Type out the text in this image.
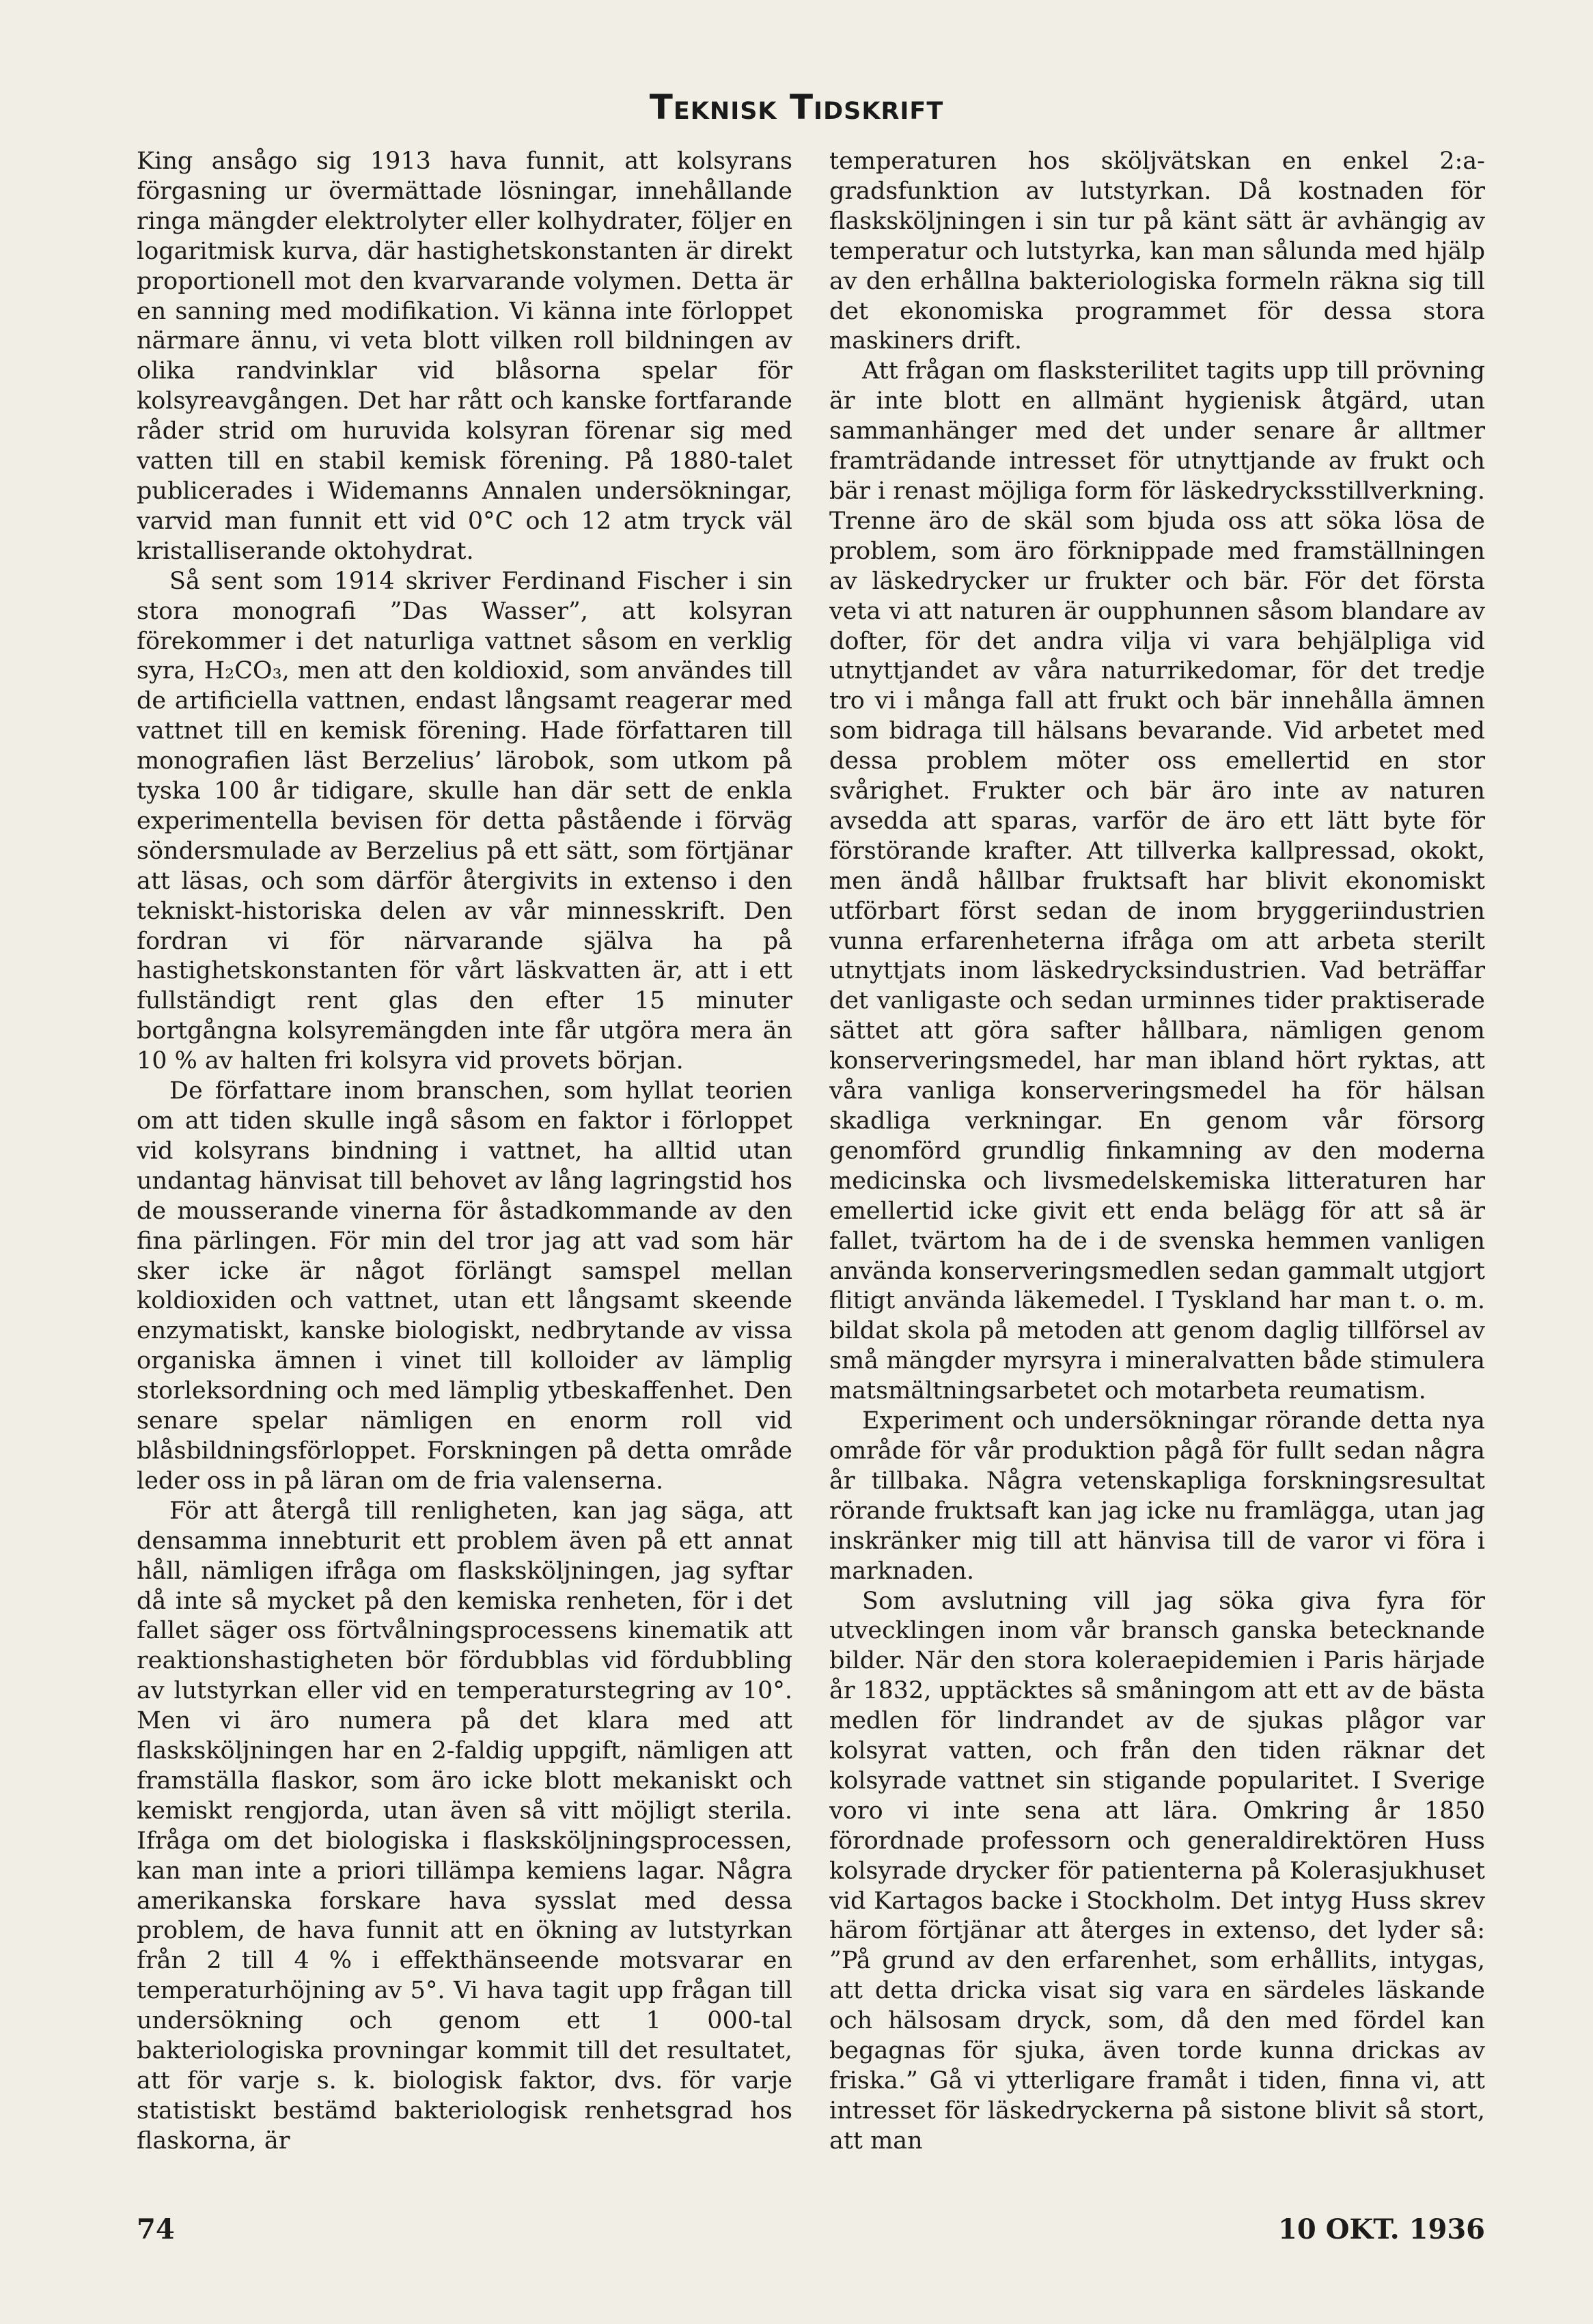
Teknisk Tidskrift

King ansågo sig 1913 hava funnit, att kolsyrans förgasning ur övermättade lösningar, innehållande ringa mängder elektrolyter eller kolhydrater, följer en logaritmisk kurva, där hastighetskonstanten är direkt proportionell mot den kvarvarande volymen. Detta är en sanning med modifikation. Vi känna inte förloppet närmare ännu, vi veta blott vilken roll bildningen av olika randvinklar vid blåsorna spelar för kolsyreavgången. Det har rått och kanske fortfarande råder strid om huruvida kolsyran förenar sig med vatten till en stabil kemisk förening. På 1880-talet publicerades i Widemanns Annalen undersökningar, varvid man funnit ett vid 0°C och 12 atm tryck väl kristalliserande oktohydrat.

Så sent som 1914 skriver Ferdinand Fischer i sin stora monografi ”Das Wasser”, att kolsyran förekommer i det naturliga vattnet såsom en verklig syra, H₂CO₃, men att den koldioxid, som användes till de artificiella vattnen, endast långsamt reagerar med vattnet till en kemisk förening. Hade författaren till monografien läst Berzelius’ lärobok, som utkom på tyska 100 år tidigare, skulle han där sett de enkla experimentella bevisen för detta påstående i förväg söndersmulade av Berzelius på ett sätt, som förtjänar att läsas, och som därför återgivits in extenso i den tekniskt-historiska delen av vår minnesskrift. Den fordran vi för närvarande själva ha på hastighetskonstanten för vårt läskvatten är, att i ett fullständigt rent glas den efter 15 minuter bortgångna kolsyremängden inte får utgöra mera än 10 % av halten fri kolsyra vid provets början.

De författare inom branschen, som hyllat teorien om att tiden skulle ingå såsom en faktor i förloppet vid kolsyrans bindning i vattnet, ha alltid utan undantag hänvisat till behovet av lång lagringstid hos de mousserande vinerna för åstadkommande av den fina pärlingen. För min del tror jag att vad som här sker icke är något förlängt samspel mellan koldioxiden och vattnet, utan ett långsamt skeende enzymatiskt, kanske biologiskt, nedbrytande av vissa organiska ämnen i vinet till kolloider av lämplig storleksordning och med lämplig ytbeskaffenhet. Den senare spelar nämligen en enorm roll vid blåsbildningsförloppet. Forskningen på detta område leder oss in på läran om de fria valenserna.

För att återgå till renligheten, kan jag säga, att densamma innebturit ett problem även på ett annat håll, nämligen ifråga om flasksköljningen, jag syftar då inte så mycket på den kemiska renheten, för i det fallet säger oss förtvålningsprocessens kinematik att reaktionshastigheten bör fördubblas vid fördubbling av lutstyrkan eller vid en temperaturstegring av 10°. Men vi äro numera på det klara med att flasksköljningen har en 2-faldig uppgift, nämligen att framställa flaskor, som äro icke blott mekaniskt och kemiskt rengjorda, utan även så vitt möjligt sterila. Ifråga om det biologiska i flasksköljningsprocessen, kan man inte a priori tillämpa kemiens lagar. Några amerikanska forskare hava sysslat med dessa problem, de hava funnit att en ökning av lutstyrkan från 2 till 4 % i effekthänseende motsvarar en temperaturhöjning av 5°. Vi hava tagit upp frågan till undersökning och genom ett 1 000-tal bakteriologiska provningar kommit till det resultatet, att för varje s. k. biologisk faktor, dvs. för varje statistiskt bestämd bakteriologisk renhetsgrad hos flaskorna, är

temperaturen hos sköljvätskan en enkel 2:a-gradsfunktion av lutstyrkan. Då kostnaden för flasksköljningen i sin tur på känt sätt är avhängig av temperatur och lutstyrka, kan man sålunda med hjälp av den erhållna bakteriologiska formeln räkna sig till det ekonomiska programmet för dessa stora maskiners drift.

Att frågan om flasksterilitet tagits upp till prövning är inte blott en allmänt hygienisk åtgärd, utan sammanhänger med det under senare år alltmer framträdande intresset för utnyttjande av frukt och bär i renast möjliga form för läskedrycksstillverkning. Trenne äro de skäl som bjuda oss att söka lösa de problem, som äro förknippade med framställningen av läskedrycker ur frukter och bär. För det första veta vi att naturen är oupphunnen såsom blandare av dofter, för det andra vilja vi vara behjälpliga vid utnyttjandet av våra naturrikedomar, för det tredje tro vi i många fall att frukt och bär innehålla ämnen som bidraga till hälsans bevarande. Vid arbetet med dessa problem möter oss emellertid en stor svårighet. Frukter och bär äro inte av naturen avsedda att sparas, varför de äro ett lätt byte för förstörande krafter. Att tillverka kallpressad, okokt, men ändå hållbar fruktsaft har blivit ekonomiskt utförbart först sedan de inom bryggeriindustrien vunna erfarenheterna ifråga om att arbeta sterilt utnyttjats inom läskedrycksindustrien. Vad beträffar det vanligaste och sedan urminnes tider praktiserade sättet att göra safter hållbara, nämligen genom konserveringsmedel, har man ibland hört ryktas, att våra vanliga konserveringsmedel ha för hälsan skadliga verkningar. En genom vår försorg genomförd grundlig finkamning av den moderna medicinska och livsmedelskemiska litteraturen har emellertid icke givit ett enda belägg för att så är fallet, tvärtom ha de i de svenska hemmen vanligen använda konserveringsmedlen sedan gammalt utgjort flitigt använda läkemedel. I Tyskland har man t. o. m. bildat skola på metoden att genom daglig tillförsel av små mängder myrsyra i mineralvatten både stimulera matsmältningsarbetet och motarbeta reumatism.

Experiment och undersökningar rörande detta nya område för vår produktion pågå för fullt sedan några år tillbaka. Några vetenskapliga forskningsresultat rörande fruktsaft kan jag icke nu framlägga, utan jag inskränker mig till att hänvisa till de varor vi föra i marknaden.

Som avslutning vill jag söka giva fyra för utvecklingen inom vår bransch ganska betecknande bilder. När den stora koleraepidemien i Paris härjade år 1832, upptäcktes så småningom att ett av de bästa medlen för lindrandet av de sjukas plågor var kolsyrat vatten, och från den tiden räknar det kolsyrade vattnet sin stigande popularitet. I Sverige voro vi inte sena att lära. Omkring år 1850 förordnade professorn och generaldirektören Huss kolsyrade drycker för patienterna på Kolerasjukhuset vid Kartagos backe i Stockholm. Det intyg Huss skrev härom förtjänar att återges in extenso, det lyder så: ”På grund av den erfarenhet, som erhållits, intygas, att detta dricka visat sig vara en särdeles läskande och hälsosam dryck, som, då den med fördel kan begagnas för sjuka, även torde kunna drickas av friska.” Gå vi ytterligare framåt i tiden, finna vi, att intresset för läskedryckerna på sistone blivit så stort, att man

74	10 OKT. 1936
